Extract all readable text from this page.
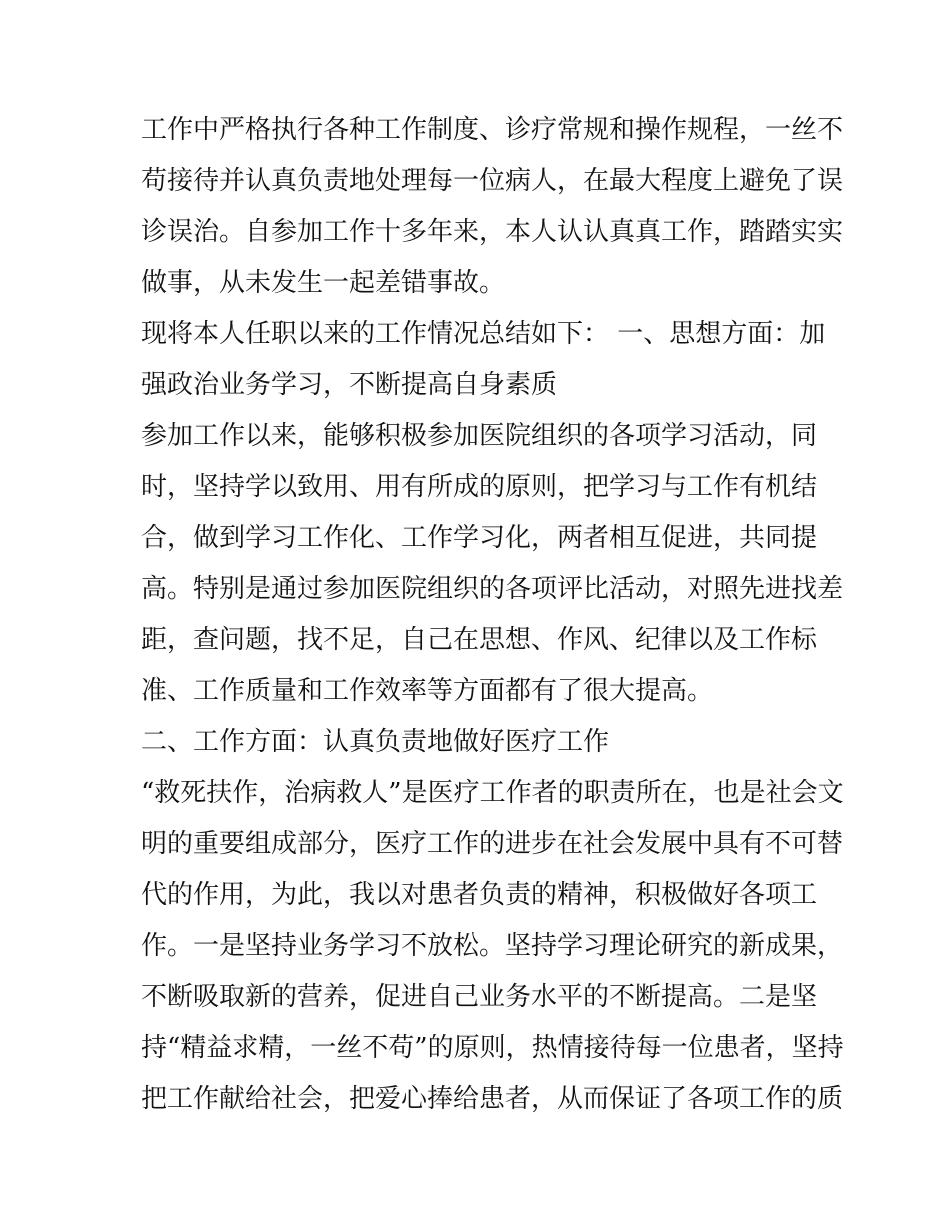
工作中严格执行各种工作制度、诊疗常规和操作规程，一丝不
苟接待并认真负责地处理每一位病人，在最大程度上避免了误
诊误治。自参加工作十多年来，本人认认真真工作，踏踏实实
做事，从未发生一起差错事故。
现将本人任职以来的工作情况总结如下： 一、思想方面：加
强政治业务学习，不断提高自身素质
参加工作以来，能够积极参加医院组织的各项学习活动，同
时，坚持学以致用、用有所成的原则，把学习与工作有机结
合，做到学习工作化、工作学习化，两者相互促进，共同提
高。特别是通过参加医院组织的各项评比活动，对照先进找差
距，查问题，找不足，自己在思想、作风、纪律以及工作标
准、工作质量和工作效率等方面都有了很大提高。
二、工作方面：认真负责地做好医疗工作
“救死扶作，治病救人”是医疗工作者的职责所在，也是社会文
明的重要组成部分，医疗工作的进步在社会发展中具有不可替
代的作用，为此，我以对患者负责的精神，积极做好各项工
作。一是坚持业务学习不放松。坚持学习理论研究的新成果，
不断吸取新的营养，促进自己业务水平的不断提高。二是坚
持“精益求精，一丝不苟”的原则，热情接待每一位患者，坚持
把工作献给社会，把爱心捧给患者，从而保证了各项工作的质
